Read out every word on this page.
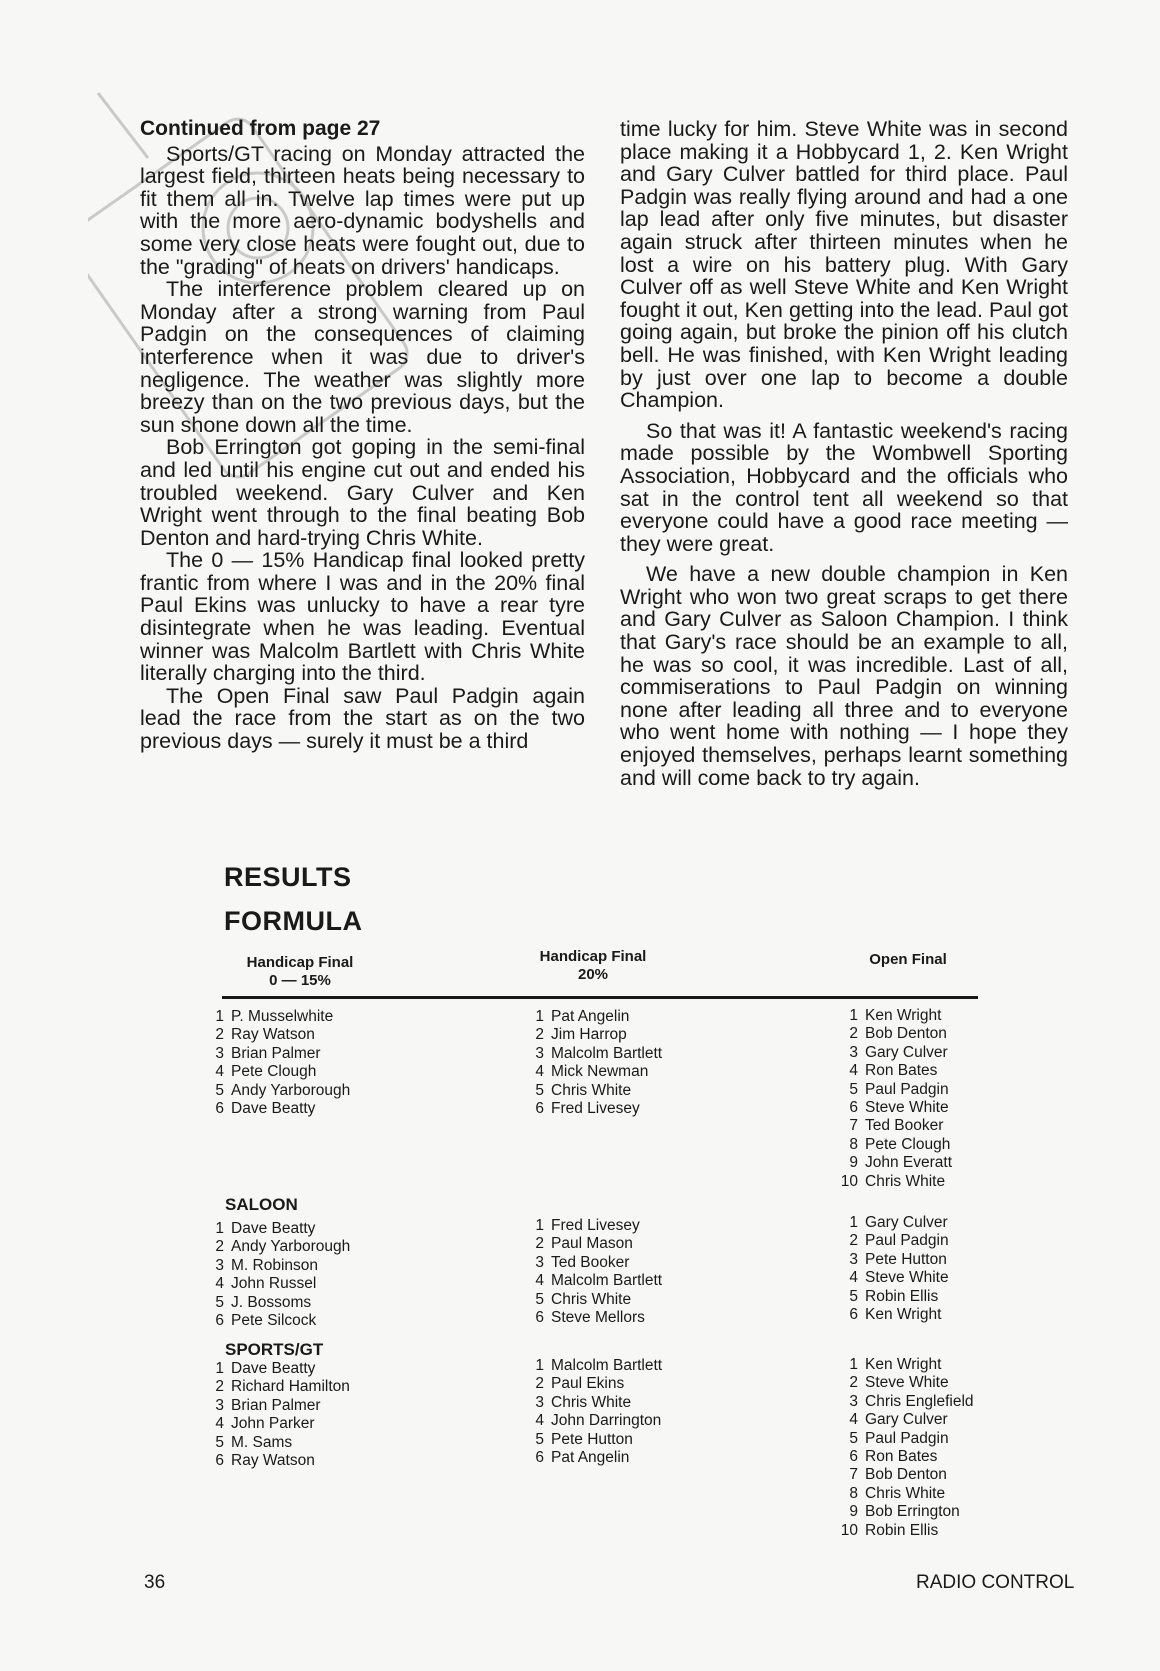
Continued from page 27

Sports/GT racing on Monday attracted the largest field, thirteen heats being necessary to fit them all in. Twelve lap times were put up with the more aero-dynamic bodyshells and some very close heats were fought out, due to the "grading" of heats on drivers' handicaps.

The interference problem cleared up on Monday after a strong warning from Paul Padgin on the consequences of claiming interference when it was due to driver's negligence. The weather was slightly more breezy than on the two previous days, but the sun shone down all the time.

Bob Errington got goping in the semi-final and led until his engine cut out and ended his troubled weekend. Gary Culver and Ken Wright went through to the final beating Bob Denton and hard-trying Chris White.

The 0 — 15% Handicap final looked pretty frantic from where I was and in the 20% final Paul Ekins was unlucky to have a rear tyre disintegrate when he was leading. Eventual winner was Malcolm Bartlett with Chris White literally charging into the third.

The Open Final saw Paul Padgin again lead the race from the start as on the two previous days — surely it must be a third

time lucky for him. Steve White was in second place making it a Hobbycard 1, 2. Ken Wright and Gary Culver battled for third place. Paul Padgin was really flying around and had a one lap lead after only five minutes, but disaster again struck after thirteen minutes when he lost a wire on his battery plug. With Gary Culver off as well Steve White and Ken Wright fought it out, Ken getting into the lead. Paul got going again, but broke the pinion off his clutch bell. He was finished, with Ken Wright leading by just over one lap to become a double Champion.

So that was it! A fantastic weekend's racing made possible by the Wombwell Sporting Association, Hobbycard and the officials who sat in the control tent all weekend so that everyone could have a good race meeting — they were great.

We have a new double champion in Ken Wright who won two great scraps to get there and Gary Culver as Saloon Champion. I think that Gary's race should be an example to all, he was so cool, it was incredible. Last of all, commiserations to Paul Padgin on winning none after leading all three and to everyone who went home with nothing — I hope they enjoyed themselves, perhaps learnt something and will come back to try again.

RESULTS
FORMULA
Handicap Final
0 — 15%
Handicap Final
20%
Open Final
1 P. Musselwhite
2 Ray Watson
3 Brian Palmer
4 Pete Clough
5 Andy Yarborough
6 Dave Beatty
1 Pat Angelin
2 Jim Harrop
3 Malcolm Bartlett
4 Mick Newman
5 Chris White
6 Fred Livesey
1 Ken Wright
2 Bob Denton
3 Gary Culver
4 Ron Bates
5 Paul Padgin
6 Steve White
7 Ted Booker
8 Pete Clough
9 John Everatt
10 Chris White
SALOON
1 Dave Beatty
2 Andy Yarborough
3 M. Robinson
4 John Russel
5 J. Bossoms
6 Pete Silcock
1 Fred Livesey
2 Paul Mason
3 Ted Booker
4 Malcolm Bartlett
5 Chris White
6 Steve Mellors
1 Gary Culver
2 Paul Padgin
3 Pete Hutton
4 Steve White
5 Robin Ellis
6 Ken Wright
SPORTS/GT
1 Dave Beatty
2 Richard Hamilton
3 Brian Palmer
4 John Parker
5 M. Sams
6 Ray Watson
1 Malcolm Bartlett
2 Paul Ekins
3 Chris White
4 John Darrington
5 Pete Hutton
6 Pat Angelin
1 Ken Wright
2 Steve White
3 Chris Englefield
4 Gary Culver
5 Paul Padgin
6 Ron Bates
7 Bob Denton
8 Chris White
9 Bob Errington
10 Robin Ellis
36	RADIO CONTROL
